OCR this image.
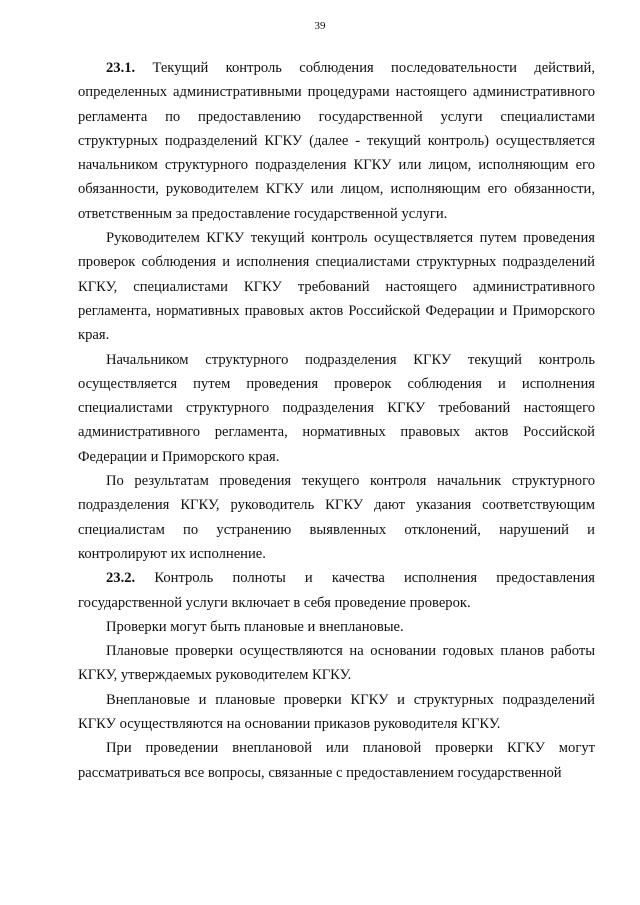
39

23.1. Текущий контроль соблюдения последовательности действий, определенных административными процедурами настоящего административного регламента по предоставлению государственной услуги специалистами структурных подразделений КГКУ (далее - текущий контроль) осуществляется начальником структурного подразделения КГКУ или лицом, исполняющим его обязанности, руководителем КГКУ или лицом, исполняющим его обязанности, ответственным за предоставление государственной услуги.

Руководителем КГКУ текущий контроль осуществляется путем проведения проверок соблюдения и исполнения специалистами структурных подразделений КГКУ, специалистами КГКУ требований настоящего административного регламента, нормативных правовых актов Российской Федерации и Приморского края.

Начальником структурного подразделения КГКУ текущий контроль осуществляется путем проведения проверок соблюдения и исполнения специалистами структурного подразделения КГКУ требований настоящего административного регламента, нормативных правовых актов Российской Федерации и Приморского края.

По результатам проведения текущего контроля начальник структурного подразделения КГКУ, руководитель КГКУ дают указания соответствующим специалистам по устранению выявленных отклонений, нарушений и контролируют их исполнение.

23.2. Контроль полноты и качества исполнения предоставления государственной услуги включает в себя проведение проверок.

Проверки могут быть плановые и внеплановые.

Плановые проверки осуществляются на основании годовых планов работы КГКУ, утверждаемых руководителем КГКУ.

Внеплановые и плановые проверки КГКУ и структурных подразделений КГКУ осуществляются на основании приказов руководителя КГКУ.

При проведении внеплановой или плановой проверки КГКУ могут рассматриваться все вопросы, связанные с предоставлением государственной
